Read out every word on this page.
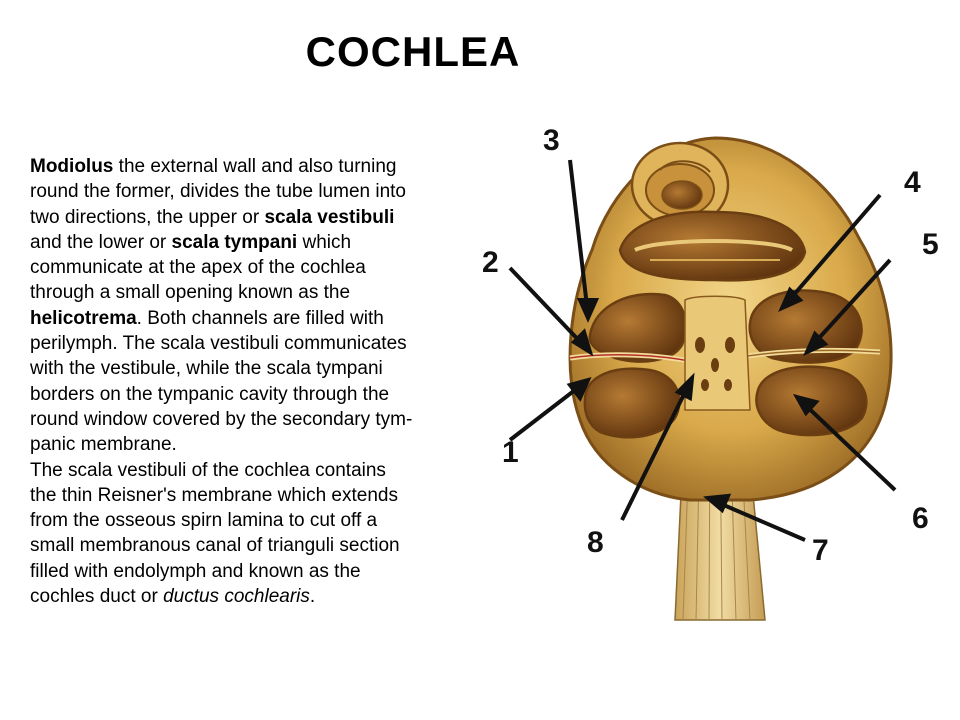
COCHLEA
Modiolus the external wall and also turning
round the former, divides the tube lumen into
two directions, the upper or scala vestibuli
and the lower or scala tympani which
communicate at the apex of the cochlea
through a small opening known as the
helicotrema. Both channels are filled with
perilymph. The scala vestibuli communicates
with the vestibule, while the scala tympani
borders on the tympanic cavity through the
round window covered by the secondary tym-
panic membrane.
The scala vestibuli of the cochlea contains
the thin Reisner's membrane which extends
from the osseous spirn lamina to cut off a
small membranous canal of trianguli section
filled with endolymph and known as the
cochles duct or ductus cochlearis.
1
2
3
4
5
6
7
8
